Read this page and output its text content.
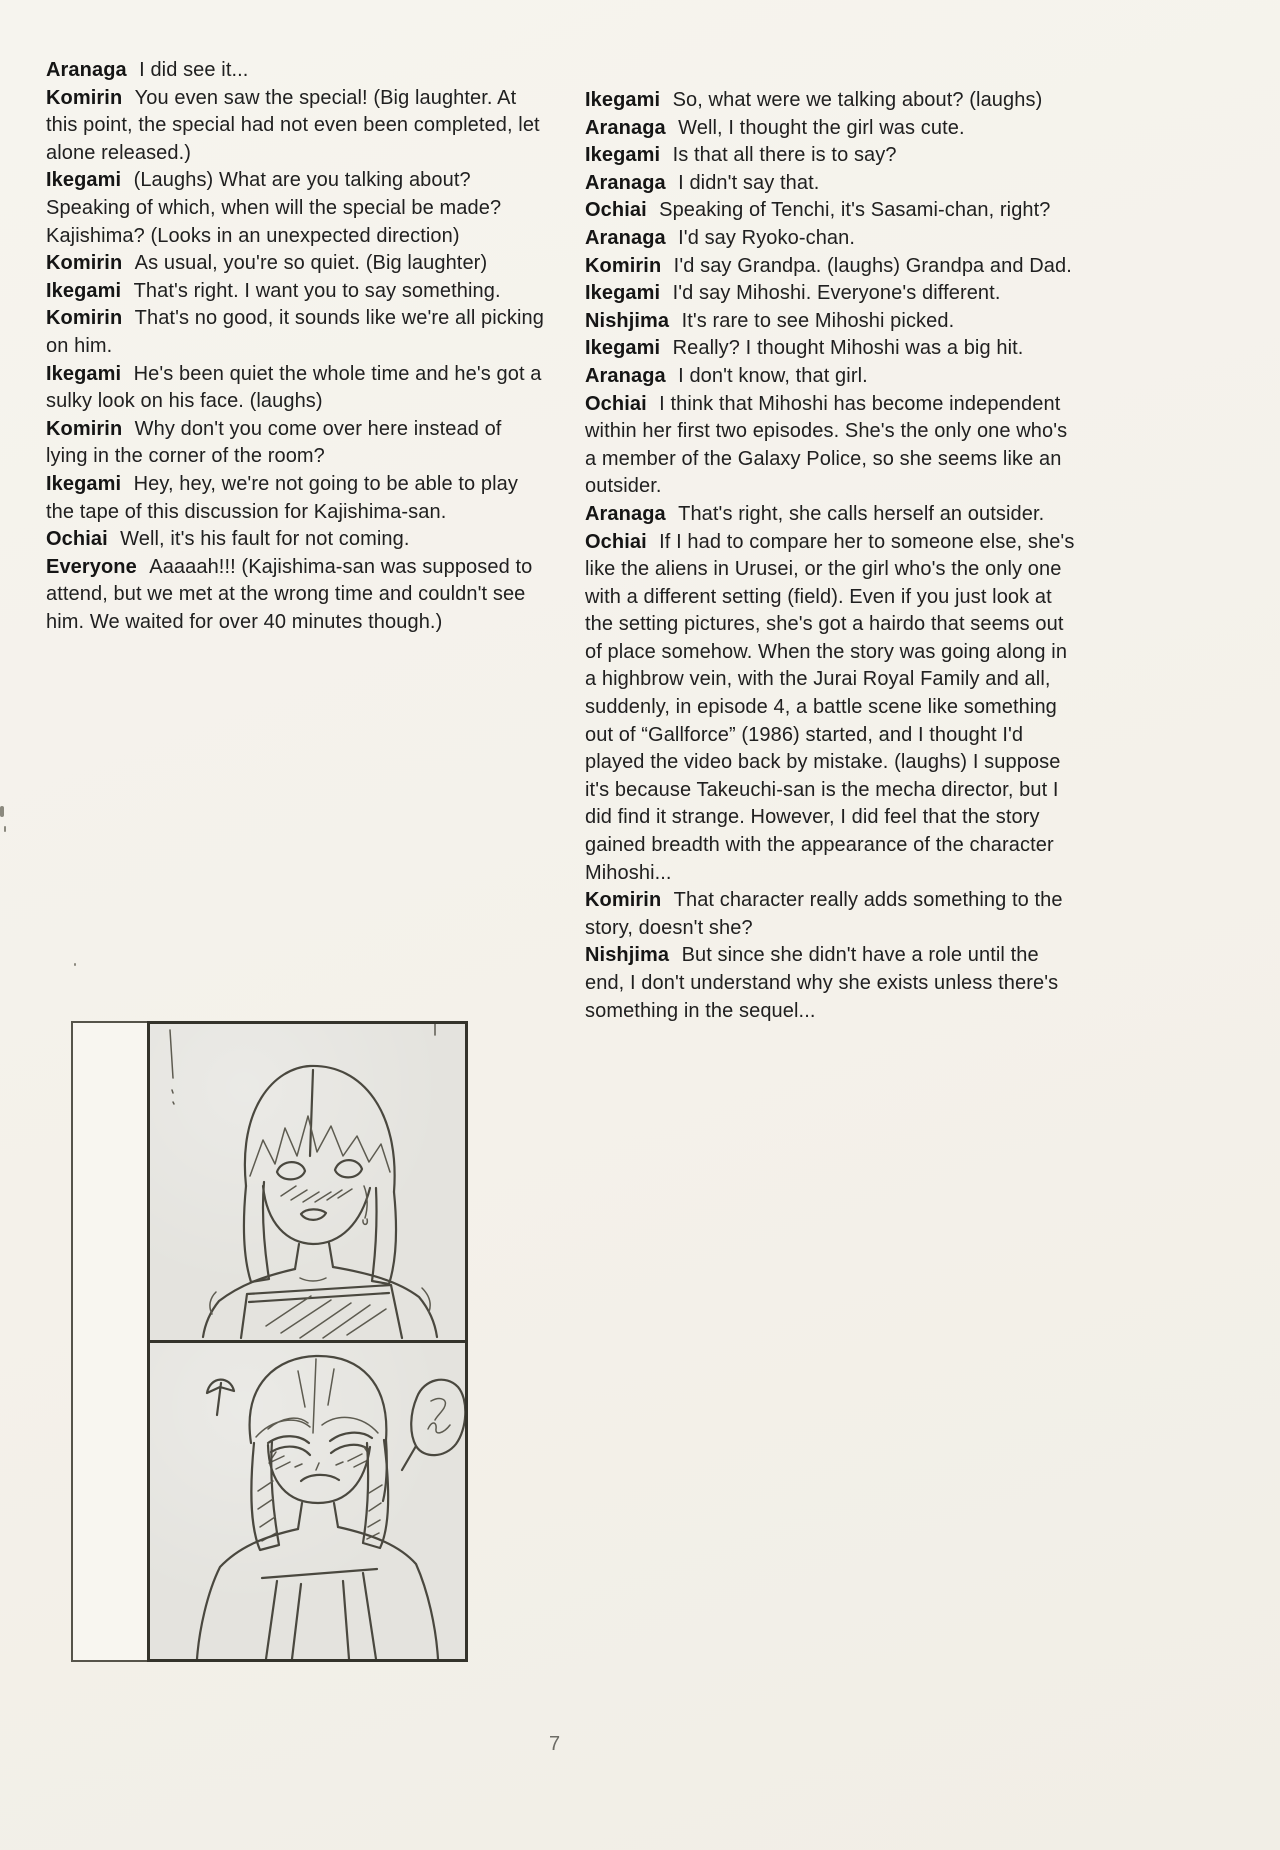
Aranaga I did see it...

Komirin You even saw the special! (Big laughter. At this point, the special had not even been completed, let alone released.)

Ikegami (Laughs) What are you talking about? Speaking of which, when will the special be made? Kajishima? (Looks in an unexpected direction)

Komirin As usual, you're so quiet. (Big laughter)

Ikegami That's right. I want you to say something.

Komirin That's no good, it sounds like we're all picking on him.

Ikegami He's been quiet the whole time and he's got a sulky look on his face. (laughs)

Komirin Why don't you come over here instead of lying in the corner of the room?

Ikegami Hey, hey, we're not going to be able to play the tape of this discussion for Kajishima-san.

Ochiai Well, it's his fault for not coming.

Everyone Aaaaah!!! (Kajishima-san was supposed to attend, but we met at the wrong time and couldn't see him. We waited for over 40 minutes though.)

Ikegami So, what were we talking about? (laughs)

Aranaga Well, I thought the girl was cute.

Ikegami Is that all there is to say?

Aranaga I didn't say that.

Ochiai Speaking of Tenchi, it's Sasami-chan, right?

Aranaga I'd say Ryoko-chan.

Komirin I'd say Grandpa. (laughs) Grandpa and Dad.

Ikegami I'd say Mihoshi. Everyone's different.

Nishjima It's rare to see Mihoshi picked.

Ikegami Really? I thought Mihoshi was a big hit.

Aranaga I don't know, that girl.

Ochiai I think that Mihoshi has become independent within her first two episodes. She's the only one who's a member of the Galaxy Police, so she seems like an outsider.

Aranaga That's right, she calls herself an outsider.

Ochiai If I had to compare her to someone else, she's like the aliens in Urusei, or the girl who's the only one with a different setting (field). Even if you just look at the setting pictures, she's got a hairdo that seems out of place somehow. When the story was going along in a highbrow vein, with the Jurai Royal Family and all, suddenly, in episode 4, a battle scene like something out of “Gallforce” (1986) started, and I thought I'd played the video back by mistake. (laughs) I suppose it's because Takeuchi-san is the mecha director, but I did find it strange. However, I did feel that the story gained breadth with the appearance of the character Mihoshi...

Komirin That character really adds something to the story, doesn't she?

Nishjima But since she didn't have a role until the end, I don't understand why she exists unless there's something in the sequel...

7
